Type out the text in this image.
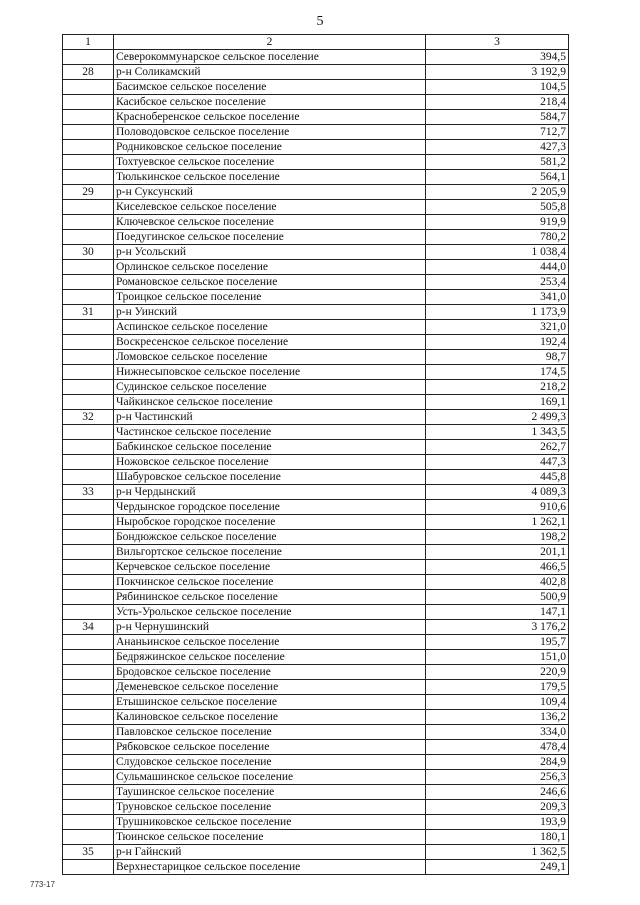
5
1	2	3
	Северокоммунарское сельское поселение	394,5
28	р-н Соликамский	3 192,9
	Басимское сельское поселение	104,5
	Касибское сельское поселение	218,4
	Красноберенское сельское поселение	584,7
	Половодовское сельское поселение	712,7
	Родниковское сельское поселение	427,3
	Тохтуевское сельское поселение	581,2
	Тюлькинское сельское поселение	564,1
29	р-н Суксунский	2 205,9
	Киселевское сельское поселение	505,8
	Ключевское сельское поселение	919,9
	Поедугинское сельское поселение	780,2
30	р-н Усольский	1 038,4
	Орлинское сельское поселение	444,0
	Романовское сельское поселение	253,4
	Троицкое сельское поселение	341,0
31	р-н Уинский	1 173,9
	Аспинское сельское поселение	321,0
	Воскресенское сельское поселение	192,4
	Ломовское сельское поселение	98,7
	Нижнесыповское сельское поселение	174,5
	Судинское сельское поселение	218,2
	Чайкинское сельское поселение	169,1
32	р-н Частинский	2 499,3
	Частинское сельское поселение	1 343,5
	Бабкинское сельское поселение	262,7
	Ножовское сельское поселение	447,3
	Шабуровское сельское поселение	445,8
33	р-н Чердынский	4 089,3
	Чердынское городское поселение	910,6
	Ныробское городское поселение	1 262,1
	Бондюжское сельское поселение	198,2
	Вильгортское сельское поселение	201,1
	Керчевское сельское поселение	466,5
	Покчинское сельское поселение	402,8
	Рябининское сельское поселение	500,9
	Усть-Урольское сельское поселение	147,1
34	р-н Чернушинский	3 176,2
	Ананьинское сельское поселение	195,7
	Бедряжинское сельское поселение	151,0
	Бродовское сельское поселение	220,9
	Деменевское сельское поселение	179,5
	Етышинское сельское поселение	109,4
	Калиновское сельское поселение	136,2
	Павловское сельское поселение	334,0
	Рябковское сельское поселение	478,4
	Слудовское сельское поселение	284,9
	Сульмашинское сельское поселение	256,3
	Таушинское сельское поселение	246,6
	Труновское сельское поселение	209,3
	Трушниковское сельское поселение	193,9
	Тюинское сельское поселение	180,1
35	р-н Гайнский	1 362,5
	Верхнестарицкое сельское поселение	249,1
773-17
